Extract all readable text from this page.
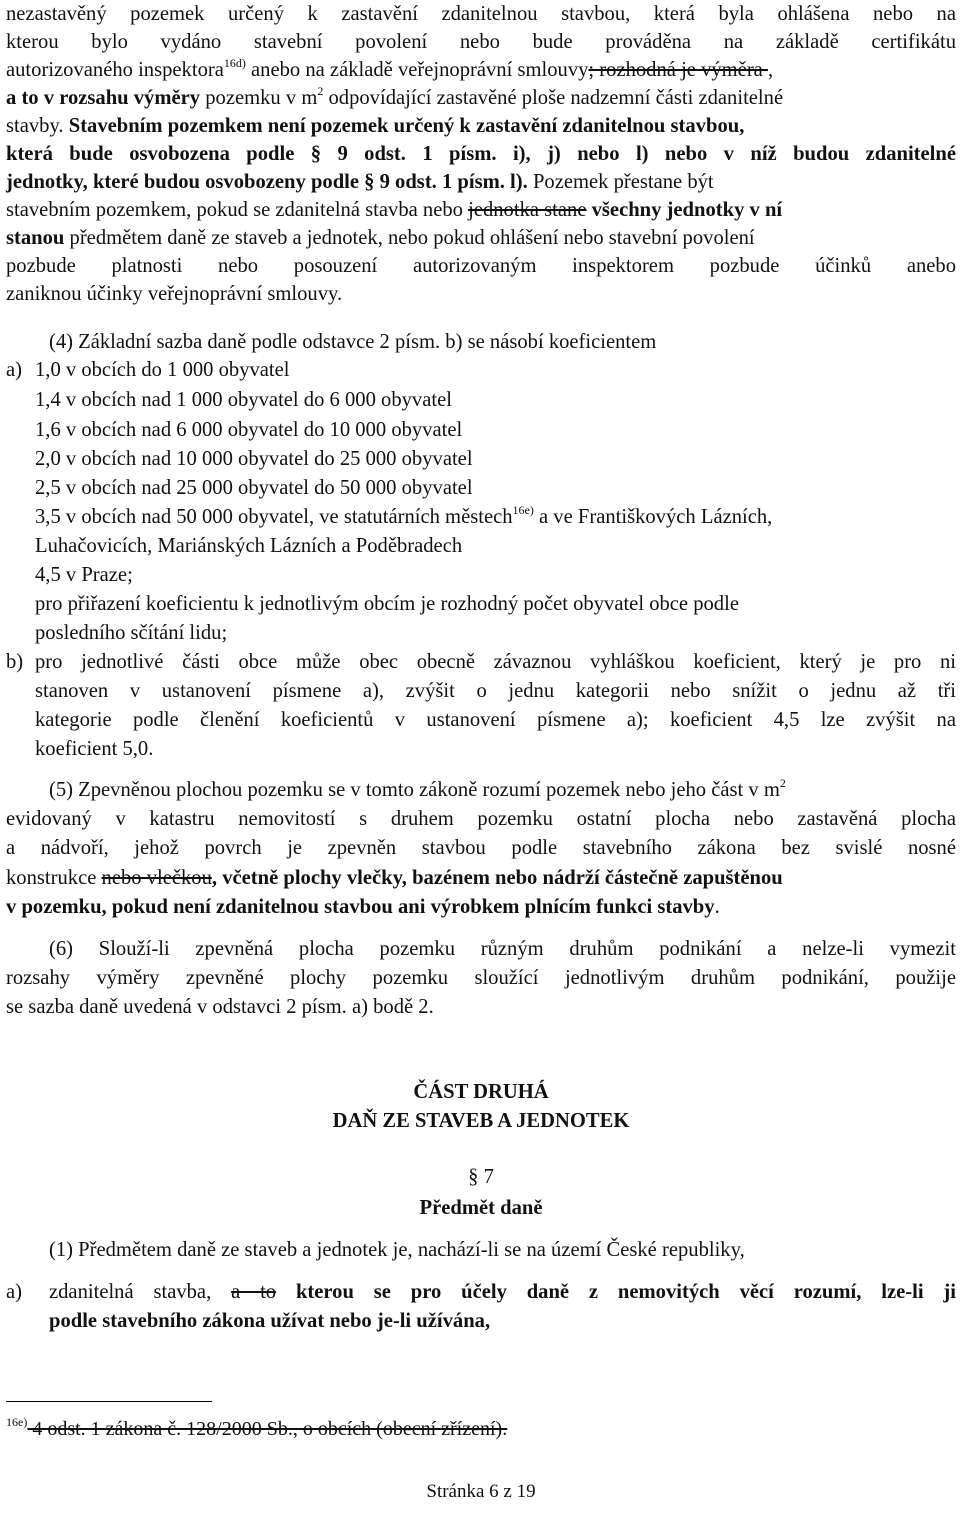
nezastavěný pozemek určený k zastavění zdanitelnou stavbou, která byla ohlášena nebo na
kterou bylo vydáno stavební povolení nebo bude prováděna na základě certifikátu
autorizovaného inspektora$^{16d)}$ anebo na základě veřejnoprávní smlouvy; rozhodná je výměra ,
a to v rozsahu výměry pozemku v $m^2$ odpovídající zastavěné ploše nadzemní části zdanitelné
stavby. Stavebním pozemkem není pozemek určený k zastavění zdanitelnou stavbou,
která bude osvobozena podle § 9 odst. 1 písm. i), j) nebo l) nebo v níž budou zdanitelné
jednotky, které budou osvobozeny podle § 9 odst. 1 písm. l). Pozemek přestane být
stavebním pozemkem, pokud se zdanitelná stavba nebo jednotka stane všechny jednotky v ní
stanou předmětem daně ze staveb a jednotek, nebo pokud ohlášení nebo stavební povolení
pozbude platnosti nebo posouzení autorizovaným inspektorem pozbude účinků anebo
zaniknou účinky veřejnoprávní smlouvy.
(4) Základní sazba daně podle odstavce 2 písm. b) se násobí koeficientem
a) 1,0 v obcích do 1 000 obyvatel
1,4 v obcích nad 1 000 obyvatel do 6 000 obyvatel
1,6 v obcích nad 6 000 obyvatel do 10 000 obyvatel
2,0 v obcích nad 10 000 obyvatel do 25 000 obyvatel
2,5 v obcích nad 25 000 obyvatel do 50 000 obyvatel
3,5 v obcích nad 50 000 obyvatel, ve statutárních městech$^{16e)}$ a ve Františkových Lázních,
Luhačovicích, Mariánských Lázních a Poděbradech
4,5 v Praze;
pro přiřazení koeficientu k jednotlivým obcím je rozhodný počet obyvatel obce podle
posledního sčítání lidu;
b) pro jednotlivé části obce může obec obecně závaznou vyhláškou koeficient, který je pro ni
stanoven v ustanovení písmene a), zvýšit o jednu kategorii nebo snížit o jednu až tři
kategorie podle členění koeficientů v ustanovení písmene a); koeficient 4,5 lze zvýšit na
koeficient 5,0.
(5) Zpevněnou plochou pozemku se v tomto zákoně rozumí pozemek nebo jeho část v $m^2$
evidovaný v katastru nemovitostí s druhem pozemku ostatní plocha nebo zastavěná plocha
a nádvoří, jehož povrch je zpevněn stavbou podle stavebního zákona bez svislé nosné
konstrukce nebo vlečkou, včetně plochy vlečky, bazénem nebo nádrží částečně zapuštěnou
v pozemku, pokud není zdanitelnou stavbou ani výrobkem plnícím funkci stavby.
(6) Slouží-li zpevněná plocha pozemku různým druhům podnikání a nelze-li vymezit
rozsahy výměry zpevněné plochy pozemku sloužící jednotlivým druhům podnikání, použije
se sazba daně uvedená v odstavci 2 písm. a) bodě 2.
ČÁST DRUHÁ
DAŇ ZE STAVEB A JEDNOTEK
§ 7
Předmět daně
(1) Předmětem daně ze staveb a jednotek je, nachází-li se na území České republiky,
a) zdanitelná stavba, a to kterou se pro účely daně z nemovitých věcí rozumí, lze-li ji
podle stavebního zákona užívat nebo je-li užívána,
$^{16e)}$ 4 odst. 1 zákona č. 128/2000 Sb., o obcích (obecní zřízení).
Stránka 6 z 19
